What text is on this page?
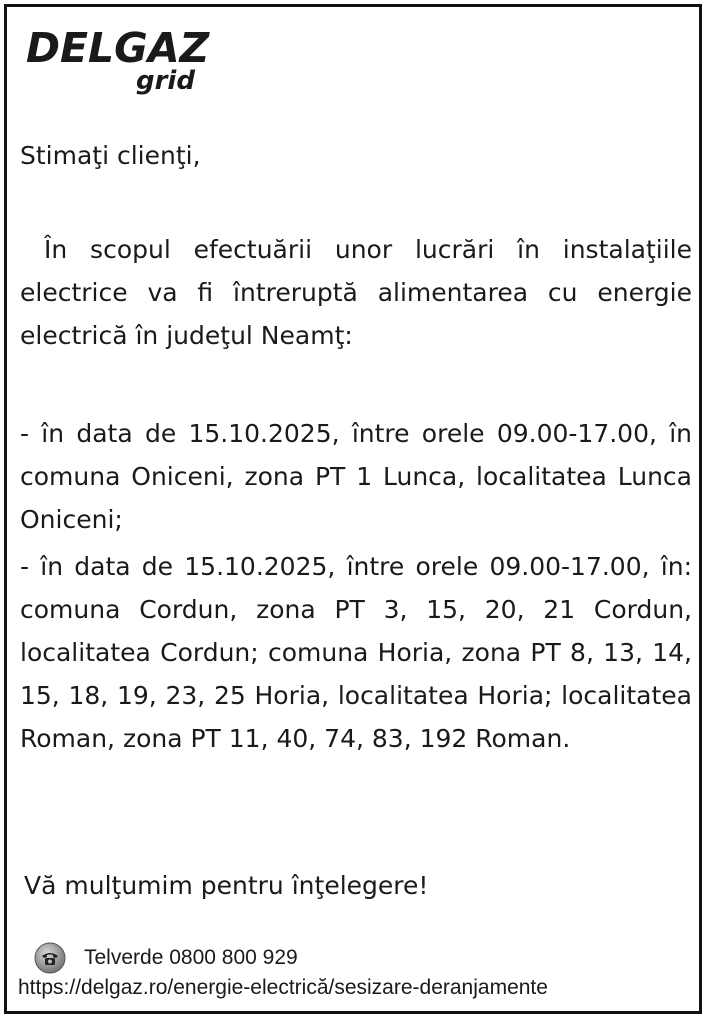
DELGAZ
grid
Stimaţi clienţi,

În scopul efectuării unor lucrări în instalaţiile electrice va fi întreruptă alimentarea cu energie electrică în judeţul Neamţ:

- în data de 15.10.2025, între orele 09.00-17.00, în comuna Oniceni, zona PT 1 Lunca, localitatea Lunca Oniceni;

- în data de 15.10.2025, între orele 09.00-17.00, în: comuna Cordun, zona PT 3, 15, 20, 21 Cordun, localitatea Cordun; comuna Horia, zona PT 8, 13, 14, 15, 18, 19, 23, 25 Horia, localitatea Horia; localitatea Roman, zona PT 11, 40, 74, 83, 192 Roman.

Vă mulţumim pentru înţelegere!
Telverde 0800 800 929
https://delgaz.ro/energie-electrică/sesizare-deranjamente
